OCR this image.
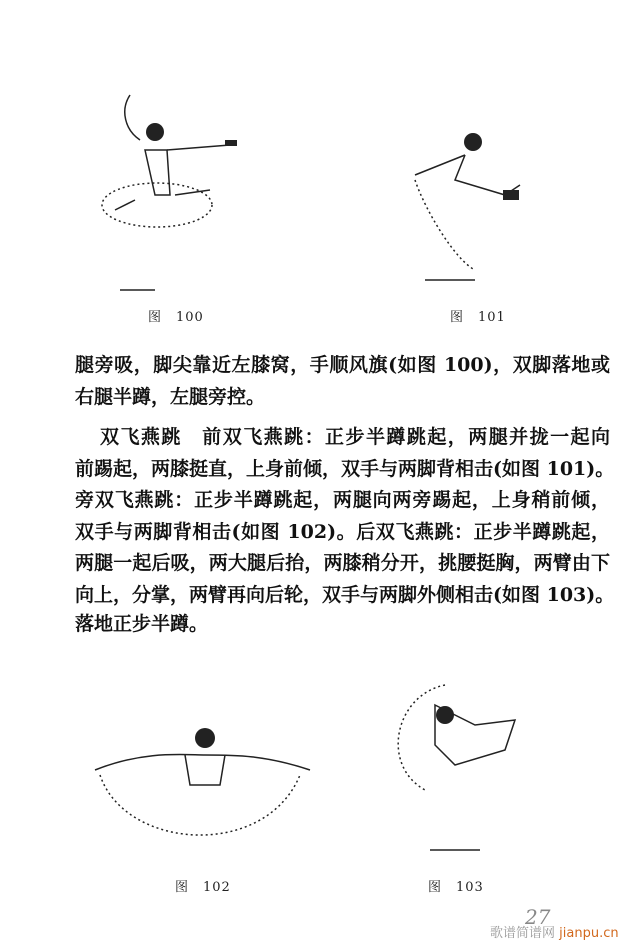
图　100	图　101
腿旁吸，脚尖靠近左膝窝，手顺风旗(如图 100)，双脚落地或
右腿半蹲，左腿旁控。
双飞燕跳　前双飞燕跳：正步半蹲跳起，两腿并拢一起向
前踢起，两膝挺直，上身前倾，双手与两脚背相击(如图 101)。
旁双飞燕跳：正步半蹲跳起，两腿向两旁踢起，上身稍前倾，
双手与两脚背相击(如图 102)。后双飞燕跳：正步半蹲跳起，
两腿一起后吸，两大腿后抬，两膝稍分开，挑腰挺胸，两臂由下
向上，分掌，两臂再向后轮，双手与两脚外侧相击(如图 103)。
落地正步半蹲。
图　102	图　103
27
歌谱简谱网 jianpu.cn
